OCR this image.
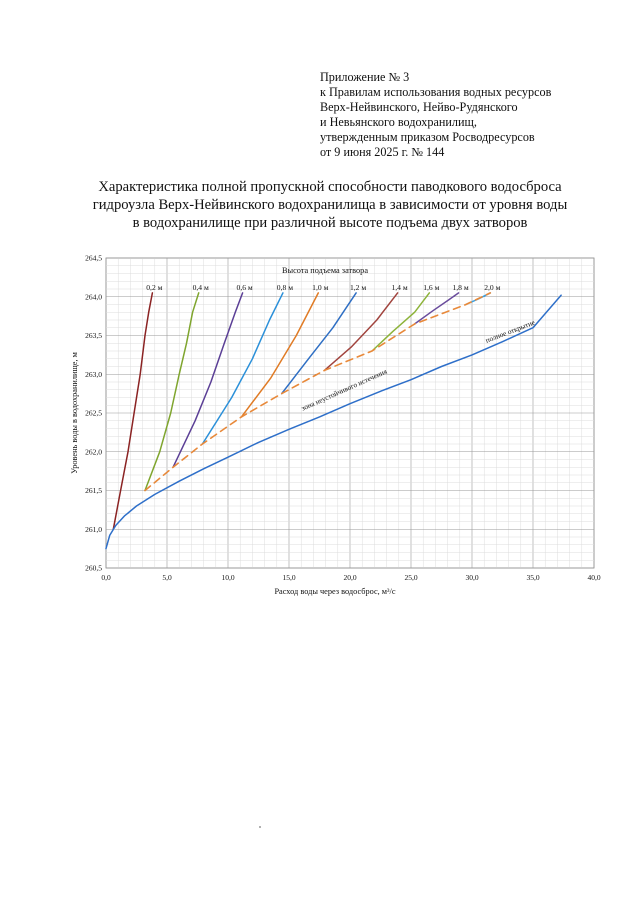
Приложение № 3
к Правилам использования водных ресурсов
Верх-Нейвинского, Нейво-Рудянского
и Невьянского водохранилищ,
утвержденным приказом Росводресурсов
от 9 июня 2025 г. № 144
Характеристика полной пропускной способности паводкового водосброса
гидроузла Верх-Нейвинского водохранилища в зависимости от уровня воды
в водохранилище при различной высоте подъема двух затворов
0,0	5,0	10,0	15,0	20,0	25,0	30,0	35,0	40,0
260,5
261,0
261,5
262,0
262,5
263,0
263,5
264,0
264,5
Расход воды через водосброс, м³/с
Уровень воды в водохранилище, м
Высота подъема затвора
0,2 м	0,4 м	0,6 м	0,8 м	1,0 м	1,2 м	1,4 м 1,6 м 1,8 м 2,0 м
полное открытие
зона неустойчивого истечения
